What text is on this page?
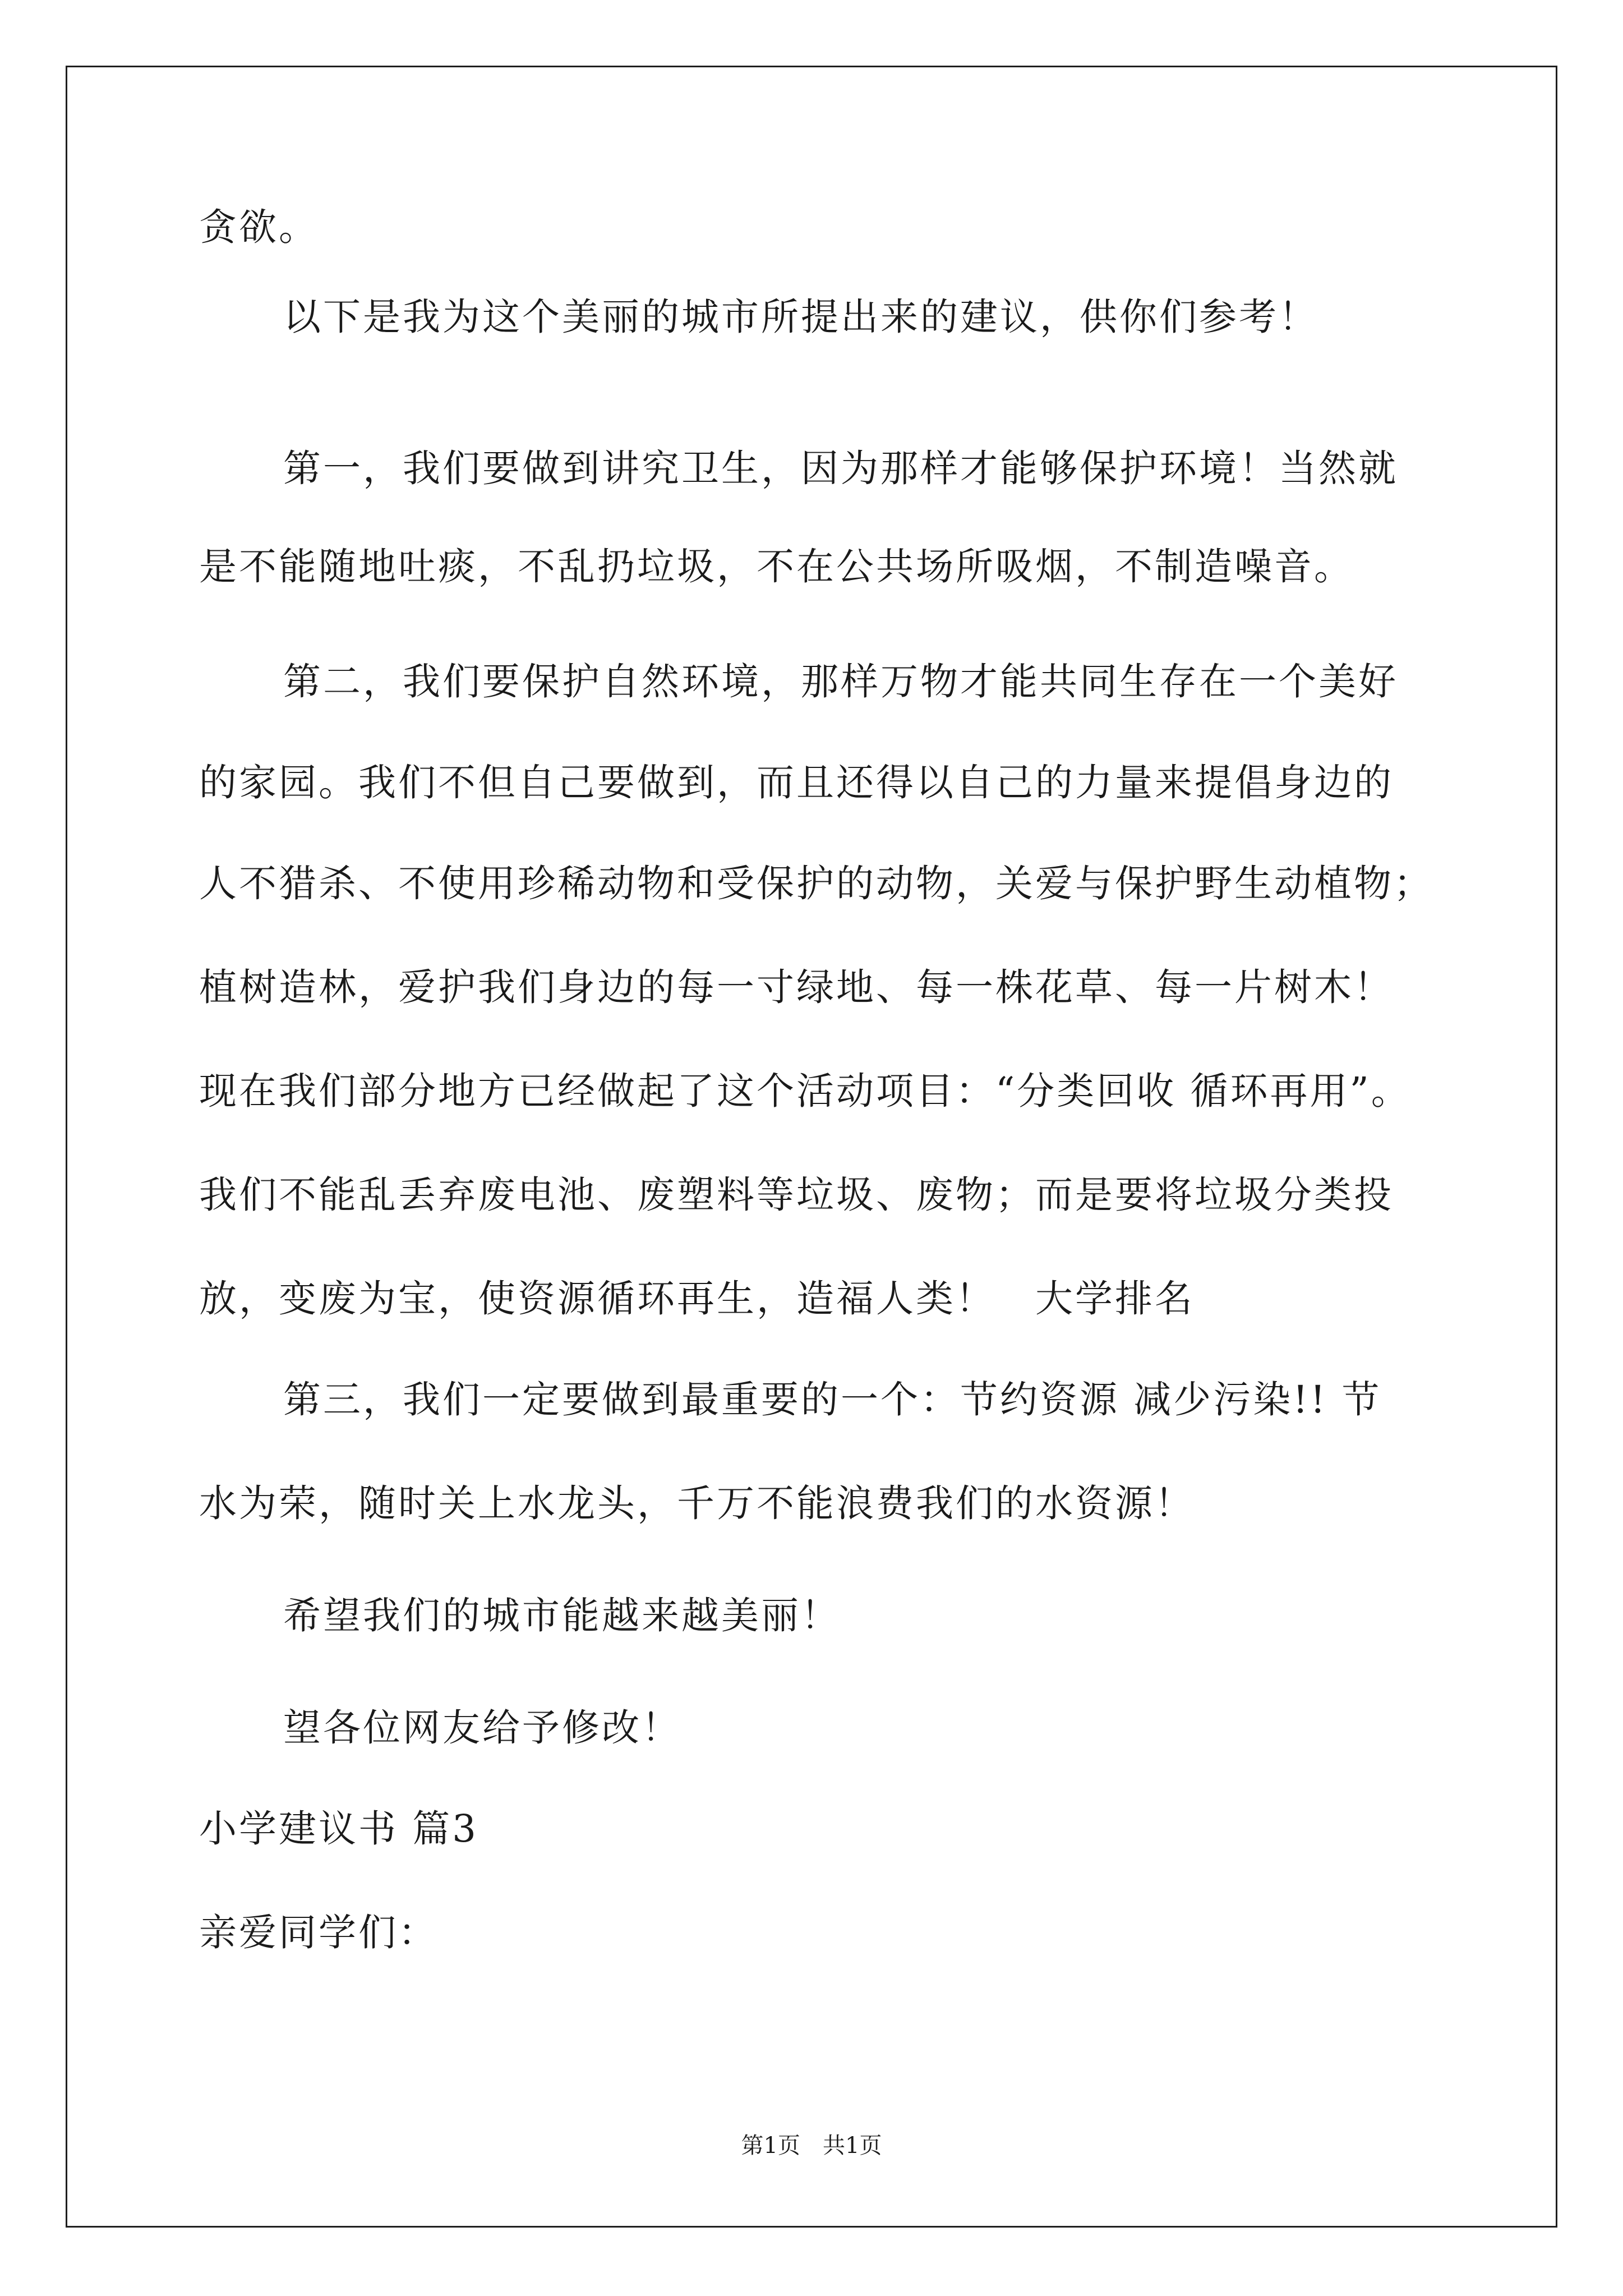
贪欲。
以下是我为这个美丽的城市所提出来的建议，供你们参考！
第一，我们要做到讲究卫生，因为那样才能够保护环境！当然就
是不能随地吐痰，不乱扔垃圾，不在公共场所吸烟，不制造噪音。
第二，我们要保护自然环境，那样万物才能共同生存在一个美好
的家园。我们不但自己要做到，而且还得以自己的力量来提倡身边的
人不猎杀、不使用珍稀动物和受保护的动物，关爱与保护野生动植物；
植树造林，爱护我们身边的每一寸绿地、每一株花草、每一片树木！
现在我们部分地方已经做起了这个活动项目：“分类回收 循环再用”。
我们不能乱丢弃废电池、废塑料等垃圾、废物；而是要将垃圾分类投
放，变废为宝，使资源循环再生，造福人类！　大学排名
第三，我们一定要做到最重要的一个：节约资源 减少污染!! 节
水为荣，随时关上水龙头，千万不能浪费我们的水资源！
希望我们的城市能越来越美丽！
望各位网友给予修改！
小学建议书 篇3
亲爱同学们：
第1页　共1页
